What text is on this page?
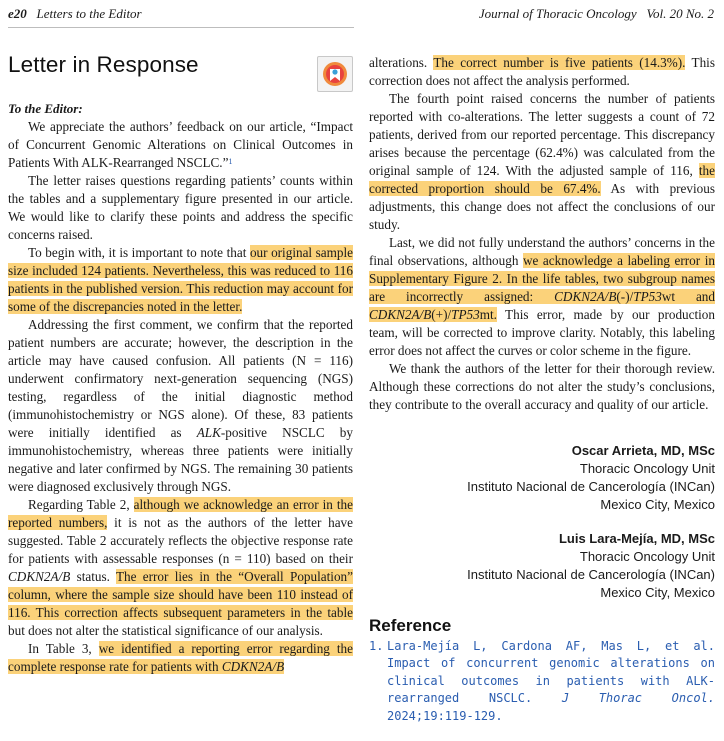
e20 Letters to the Editor	Journal of Thoracic Oncology Vol. 20 No. 2
Letter in Response

To the Editor:

We appreciate the authors’ feedback on our article, “Impact of Concurrent Genomic Alterations on Clinical Outcomes in Patients With ALK-Rearranged NSCLC.”$^1$

The letter raises questions regarding patients’ counts within the tables and a supplementary figure presented in our article. We would like to clarify these points and address the specific concerns raised.

To begin with, it is important to note that our original sample size included 124 patients. Nevertheless, this was reduced to 116 patients in the published version. This reduction may account for some of the discrepancies noted in the letter.

Addressing the first comment, we confirm that the reported patient numbers are accurate; however, the description in the article may have caused confusion. All patients (N = 116) underwent confirmatory next-generation sequencing (NGS) testing, regardless of the initial diagnostic method (immunohistochemistry or NGS alone). Of these, 83 patients were initially identified as ALK-positive NSCLC by immunohistochemistry, whereas three patients were initially negative and later confirmed by NGS. The remaining 30 patients were diagnosed exclusively through NGS.

Regarding Table 2, although we acknowledge an error in the reported numbers, it is not as the authors of the letter have suggested. Table 2 accurately reflects the objective response rate for patients with assessable responses (n = 110) based on their CDKN2A/B status. The error lies in the “Overall Population” column, where the sample size should have been 110 instead of 116. This correction affects subsequent parameters in the table but does not alter the statistical significance of our analysis.

In Table 3, we identified a reporting error regarding the complete response rate for patients with CDKN2A/B

alterations. The correct number is five patients (14.3%). This correction does not affect the analysis performed.

The fourth point raised concerns the number of patients reported with co-alterations. The letter suggests a count of 72 patients, derived from our reported percentage. This discrepancy arises because the percentage (62.4%) was calculated from the original sample of 124. With the adjusted sample of 116, the corrected proportion should be 67.4%. As with previous adjustments, this change does not affect the conclusions of our study.

Last, we did not fully understand the authors’ concerns in the final observations, although we acknowledge a labeling error in Supplementary Figure 2. In the life tables, two subgroup names are incorrectly assigned: CDKN2A/B(-)/TP53wt and CDKN2A/B(+)/TP53mt. This error, made by our production team, will be corrected to improve clarity. Notably, this labeling error does not affect the curves or color scheme in the figure.

We thank the authors of the letter for their thorough review. Although these corrections do not alter the study’s conclusions, they contribute to the overall accuracy and quality of our article.

Oscar Arrieta, MD, MSc
Thoracic Oncology Unit
Instituto Nacional de Cancerología (INCan)
Mexico City, Mexico
Luis Lara-Mejía, MD, MSc
Thoracic Oncology Unit
Instituto Nacional de Cancerología (INCan)
Mexico City, Mexico
Reference
1. Lara-Mejía L, Cardona AF, Mas L, et al. Impact of concurrent genomic alterations on clinical outcomes in patients with ALK-rearranged NSCLC. J Thorac Oncol. 2024;19:119-129.
